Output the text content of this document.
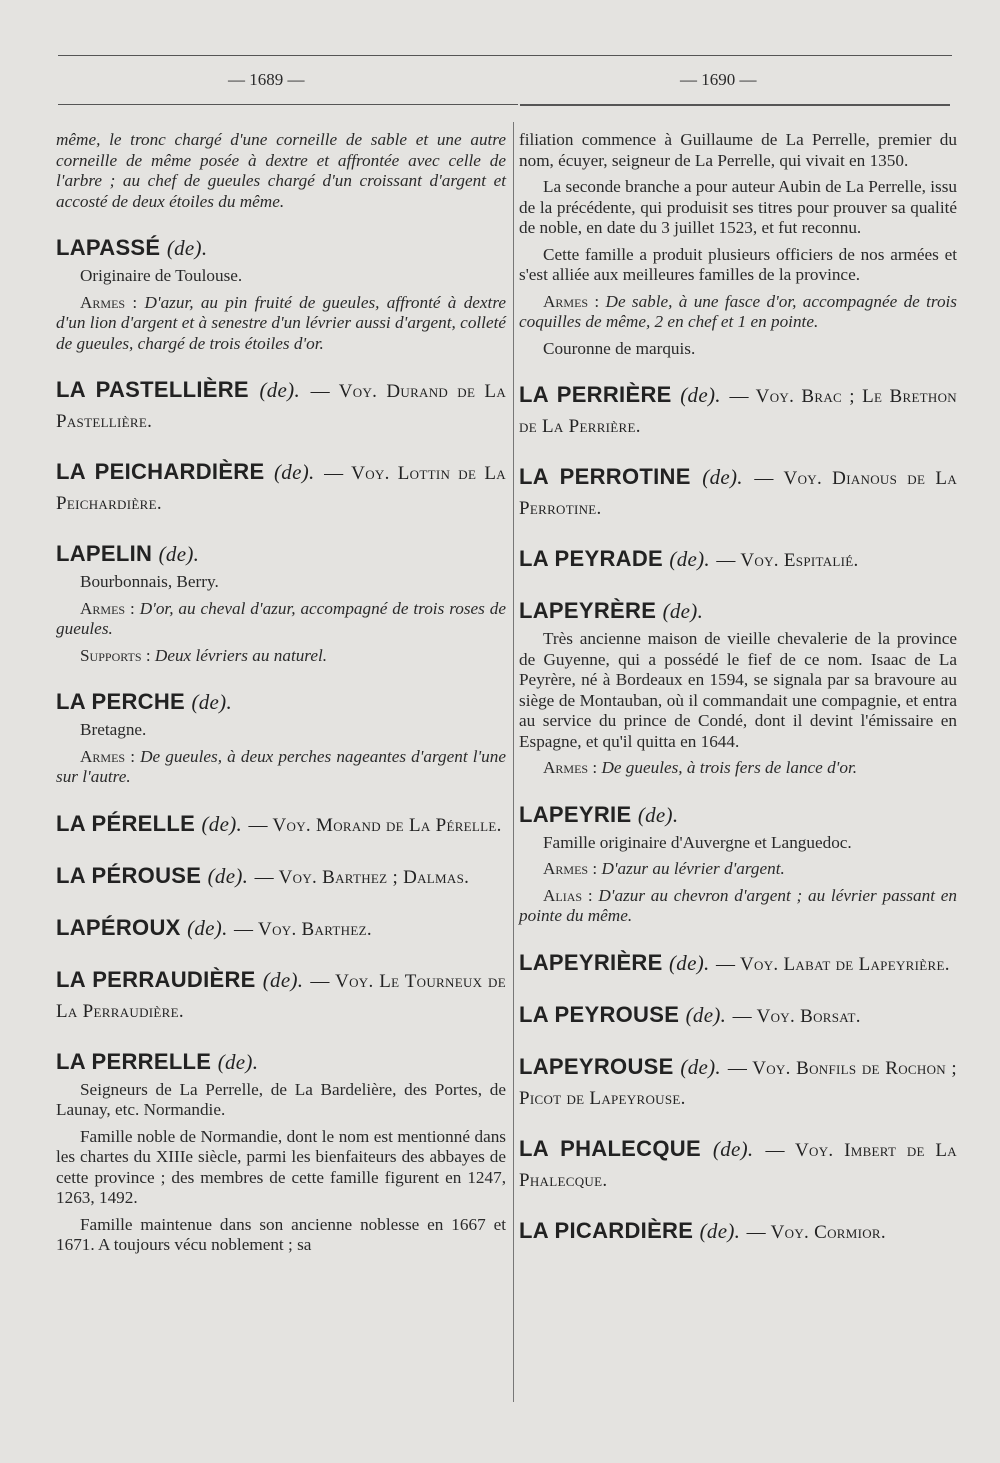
— 1689 —	— 1690 —

même, le tronc chargé d'une corneille de sable et une autre corneille de même posée à dextre et affrontée avec celle de l'arbre ; au chef de gueules chargé d'un croissant d'argent et accosté de deux étoiles du même.

LAPASSÉ (de).

Originaire de Toulouse.

Armes : D'azur, au pin fruité de gueules, affronté à dextre d'un lion d'argent et à senestre d'un lévrier aussi d'argent, colleté de gueules, chargé de trois étoiles d'or.

LA PASTELLIÈRE (de). — Voy. Durand de La Pastellière.
LA PEICHARDIÈRE (de). — Voy. Lottin de La Peichardière.
LAPELIN (de).

Bourbonnais, Berry.

Armes : D'or, au cheval d'azur, accompagné de trois roses de gueules.

Supports : Deux lévriers au naturel.

LA PERCHE (de).

Bretagne.

Armes : De gueules, à deux perches nageantes d'argent l'une sur l'autre.

LA PÉRELLE (de). — Voy. Morand de La Pérelle.
LA PÉROUSE (de). — Voy. Barthez ; Dalmas.
LAPÉROUX (de). — Voy. Barthez.
LA PERRAUDIÈRE (de). — Voy. Le Tourneux de La Perraudière.
LA PERRELLE (de).

Seigneurs de La Perrelle, de La Bardelière, des Portes, de Launay, etc. Normandie.

Famille noble de Normandie, dont le nom est mentionné dans les chartes du XIIIe siècle, parmi les bienfaiteurs des abbayes de cette province ; des membres de cette famille figurent en 1247, 1263, 1492.

Famille maintenue dans son ancienne noblesse en 1667 et 1671. A toujours vécu noblement ; sa

filiation commence à Guillaume de La Perrelle, premier du nom, écuyer, seigneur de La Perrelle, qui vivait en 1350.

La seconde branche a pour auteur Aubin de La Perrelle, issu de la précédente, qui produisit ses titres pour prouver sa qualité de noble, en date du 3 juillet 1523, et fut reconnu.

Cette famille a produit plusieurs officiers de nos armées et s'est alliée aux meilleures familles de la province.

Armes : De sable, à une fasce d'or, accompagnée de trois coquilles de même, 2 en chef et 1 en pointe.

Couronne de marquis.

LA PERRIÈRE (de). — Voy. Brac ; Le Brethon de La Perrière.
LA PERROTINE (de). — Voy. Dianous de La Perrotine.
LA PEYRADE (de). — Voy. Espitalié.
LAPEYRÈRE (de).

Très ancienne maison de vieille chevalerie de la province de Guyenne, qui a possédé le fief de ce nom. Isaac de La Peyrère, né à Bordeaux en 1594, se signala par sa bravoure au siège de Montauban, où il commandait une compagnie, et entra au service du prince de Condé, dont il devint l'émissaire en Espagne, et qu'il quitta en 1644.

Armes : De gueules, à trois fers de lance d'or.

LAPEYRIE (de).

Famille originaire d'Auvergne et Languedoc.

Armes : D'azur au lévrier d'argent.

Alias : D'azur au chevron d'argent ; au lévrier passant en pointe du même.

LAPEYRIÈRE (de). — Voy. Labat de Lapeyrière.
LA PEYROUSE (de). — Voy. Borsat.
LAPEYROUSE (de). — Voy. Bonfils de Rochon ; Picot de Lapeyrouse.
LA PHALECQUE (de). — Voy. Imbert de La Phalecque.
LA PICARDIÈRE (de). — Voy. Cormior.
